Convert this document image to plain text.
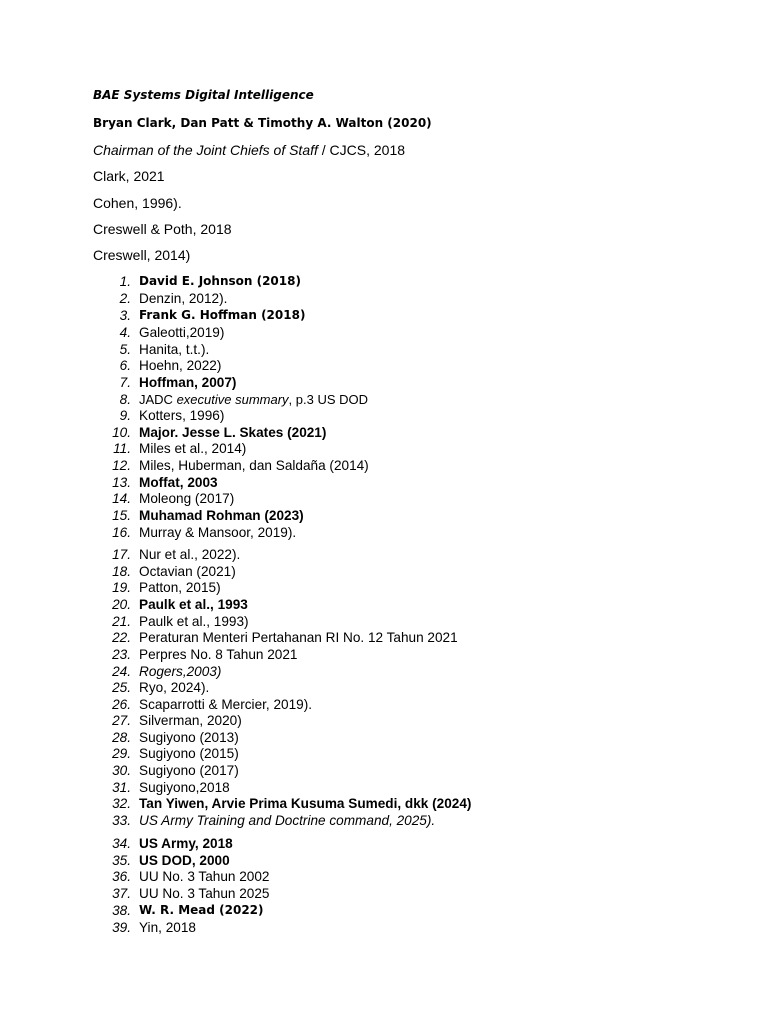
BAE Systems Digital Intelligence
Bryan Clark, Dan Patt & Timothy A. Walton (2020)
Chairman of the Joint Chiefs of Staff / CJCS, 2018
Clark, 2021
Cohen, 1996).
Creswell & Poth, 2018
Creswell, 2014)
1. David E. Johnson (2018)
2. Denzin, 2012).
3. Frank G. Hoffman (2018)
4. Galeotti,2019)
5. Hanita, t.t.).
6. Hoehn, 2022)
7. Hoffman, 2007)
8. JADC executive summary, p.3 US DOD
9. Kotters, 1996)
10. Major. Jesse L. Skates (2021)
11. Miles et al., 2014)
12. Miles, Huberman, dan Saldaña (2014)
13. Moffat, 2003
14. Moleong (2017)
15. Muhamad Rohman (2023)
16. Murray & Mansoor, 2019).
17. Nur et al., 2022).
18. Octavian (2021)
19. Patton, 2015)
20. Paulk et al., 1993
21. Paulk et al., 1993)
22. Peraturan Menteri Pertahanan RI No. 12 Tahun 2021
23. Perpres No. 8 Tahun 2021
24. Rogers,2003)
25. Ryo, 2024).
26. Scaparrotti & Mercier, 2019).
27. Silverman, 2020)
28. Sugiyono (2013)
29. Sugiyono (2015)
30. Sugiyono (2017)
31. Sugiyono,2018
32. Tan Yiwen, Arvie Prima Kusuma Sumedi, dkk (2024)
33. US Army Training and Doctrine command, 2025).
34. US Army, 2018
35. US DOD, 2000
36. UU No. 3 Tahun 2002
37. UU No. 3 Tahun 2025
38. W. R. Mead (2022)
39. Yin, 2018
